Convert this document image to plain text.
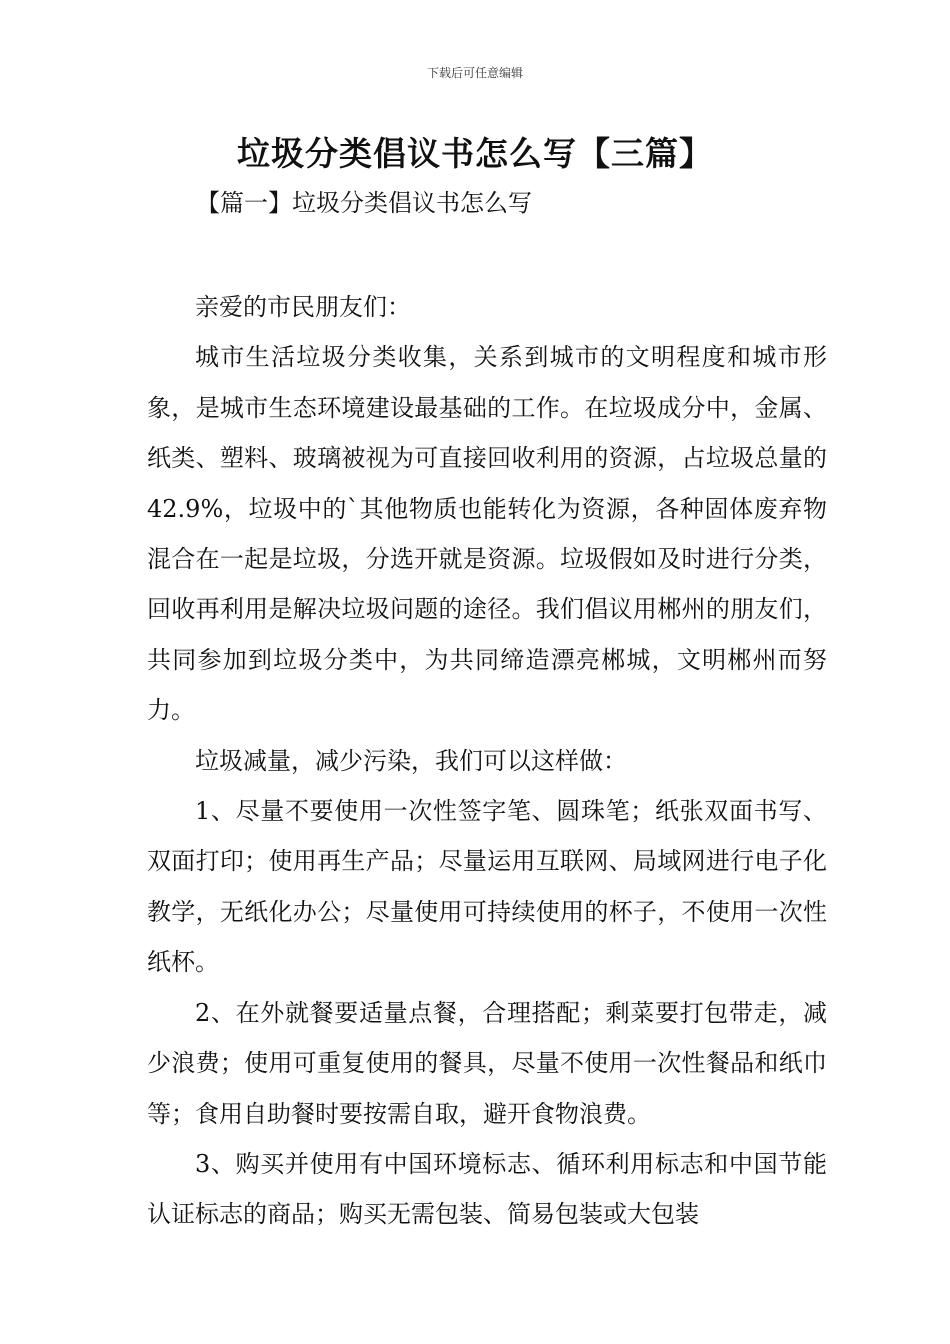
下载后可任意编辑
垃圾分类倡议书怎么写【三篇】
【篇一】垃圾分类倡议书怎么写

亲爱的市民朋友们：

城市生活垃圾分类收集，关系到城市的文明程度和城市形象，是城市生态环境建设最基础的工作。在垃圾成分中，金属、纸类、塑料、玻璃被视为可直接回收利用的资源，占垃圾总量的42.9%，垃圾中的`其他物质也能转化为资源，各种固体废弃物混合在一起是垃圾，分选开就是资源。垃圾假如及时进行分类，回收再利用是解决垃圾问题的途径。我们倡议用郴州的朋友们，共同参加到垃圾分类中，为共同缔造漂亮郴城，文明郴州而努力。

垃圾减量，减少污染，我们可以这样做：

1、尽量不要使用一次性签字笔、圆珠笔；纸张双面书写、双面打印；使用再生产品；尽量运用互联网、局域网进行电子化教学，无纸化办公；尽量使用可持续使用的杯子，不使用一次性纸杯。

2、在外就餐要适量点餐，合理搭配；剩菜要打包带走，减少浪费；使用可重复使用的餐具，尽量不使用一次性餐品和纸巾等；食用自助餐时要按需自取，避开食物浪费。

3、购买并使用有中国环境标志、循环利用标志和中国节能认证标志的商品；购买无需包装、简易包装或大包装
